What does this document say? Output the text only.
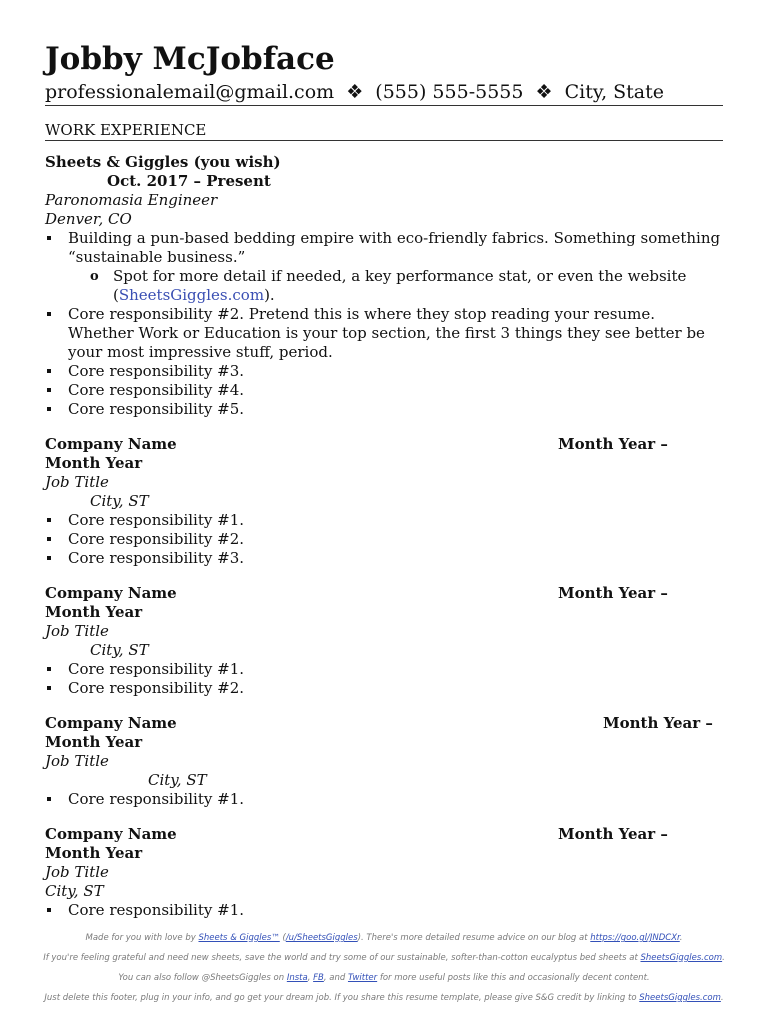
Jobby McJobface
professionalemail@gmail.com ❖ (555) 555-5555 ❖ City, State
WORK EXPERIENCE
Sheets & Giggles (you wish)
Oct. 2017 – Present
Paronomasia Engineer
Denver, CO
Building a pun-based bedding empire with eco-friendly fabrics. Something something “sustainable business.”
o Spot for more detail if needed, a key performance stat, or even the website (SheetsGiggles.com).
Core responsibility #2. Pretend this is where they stop reading your resume. Whether Work or Education is your top section, the first 3 things they see better be your most impressive stuff, period.
Core responsibility #3.
Core responsibility #4.
Core responsibility #5.
Company Name	Month Year –
Month Year
Job Title
City, ST
Core responsibility #1.
Core responsibility #2.
Core responsibility #3.
Company Name	Month Year –
Month Year
Job Title
City, ST
Core responsibility #1.
Core responsibility #2.
Company Name	Month Year –
Month Year
Job Title
City, ST
Core responsibility #1.
Company Name	Month Year –
Month Year
Job Title
City, ST
Core responsibility #1.
Made for you with love by Sheets & Giggles™ (/u/SheetsGiggles). There's more detailed resume advice on our blog at https://goo.gl/JNDCXr.
If you're feeling grateful and need new sheets, save the world and try some of our sustainable, softer-than-cotton eucalyptus bed sheets at SheetsGiggles.com.
You can also follow @SheetsGiggles on Insta, FB, and Twitter for more useful posts like this and occasionally decent content.
Just delete this footer, plug in your info, and go get your dream job. If you share this resume template, please give S&G credit by linking to SheetsGiggles.com.
